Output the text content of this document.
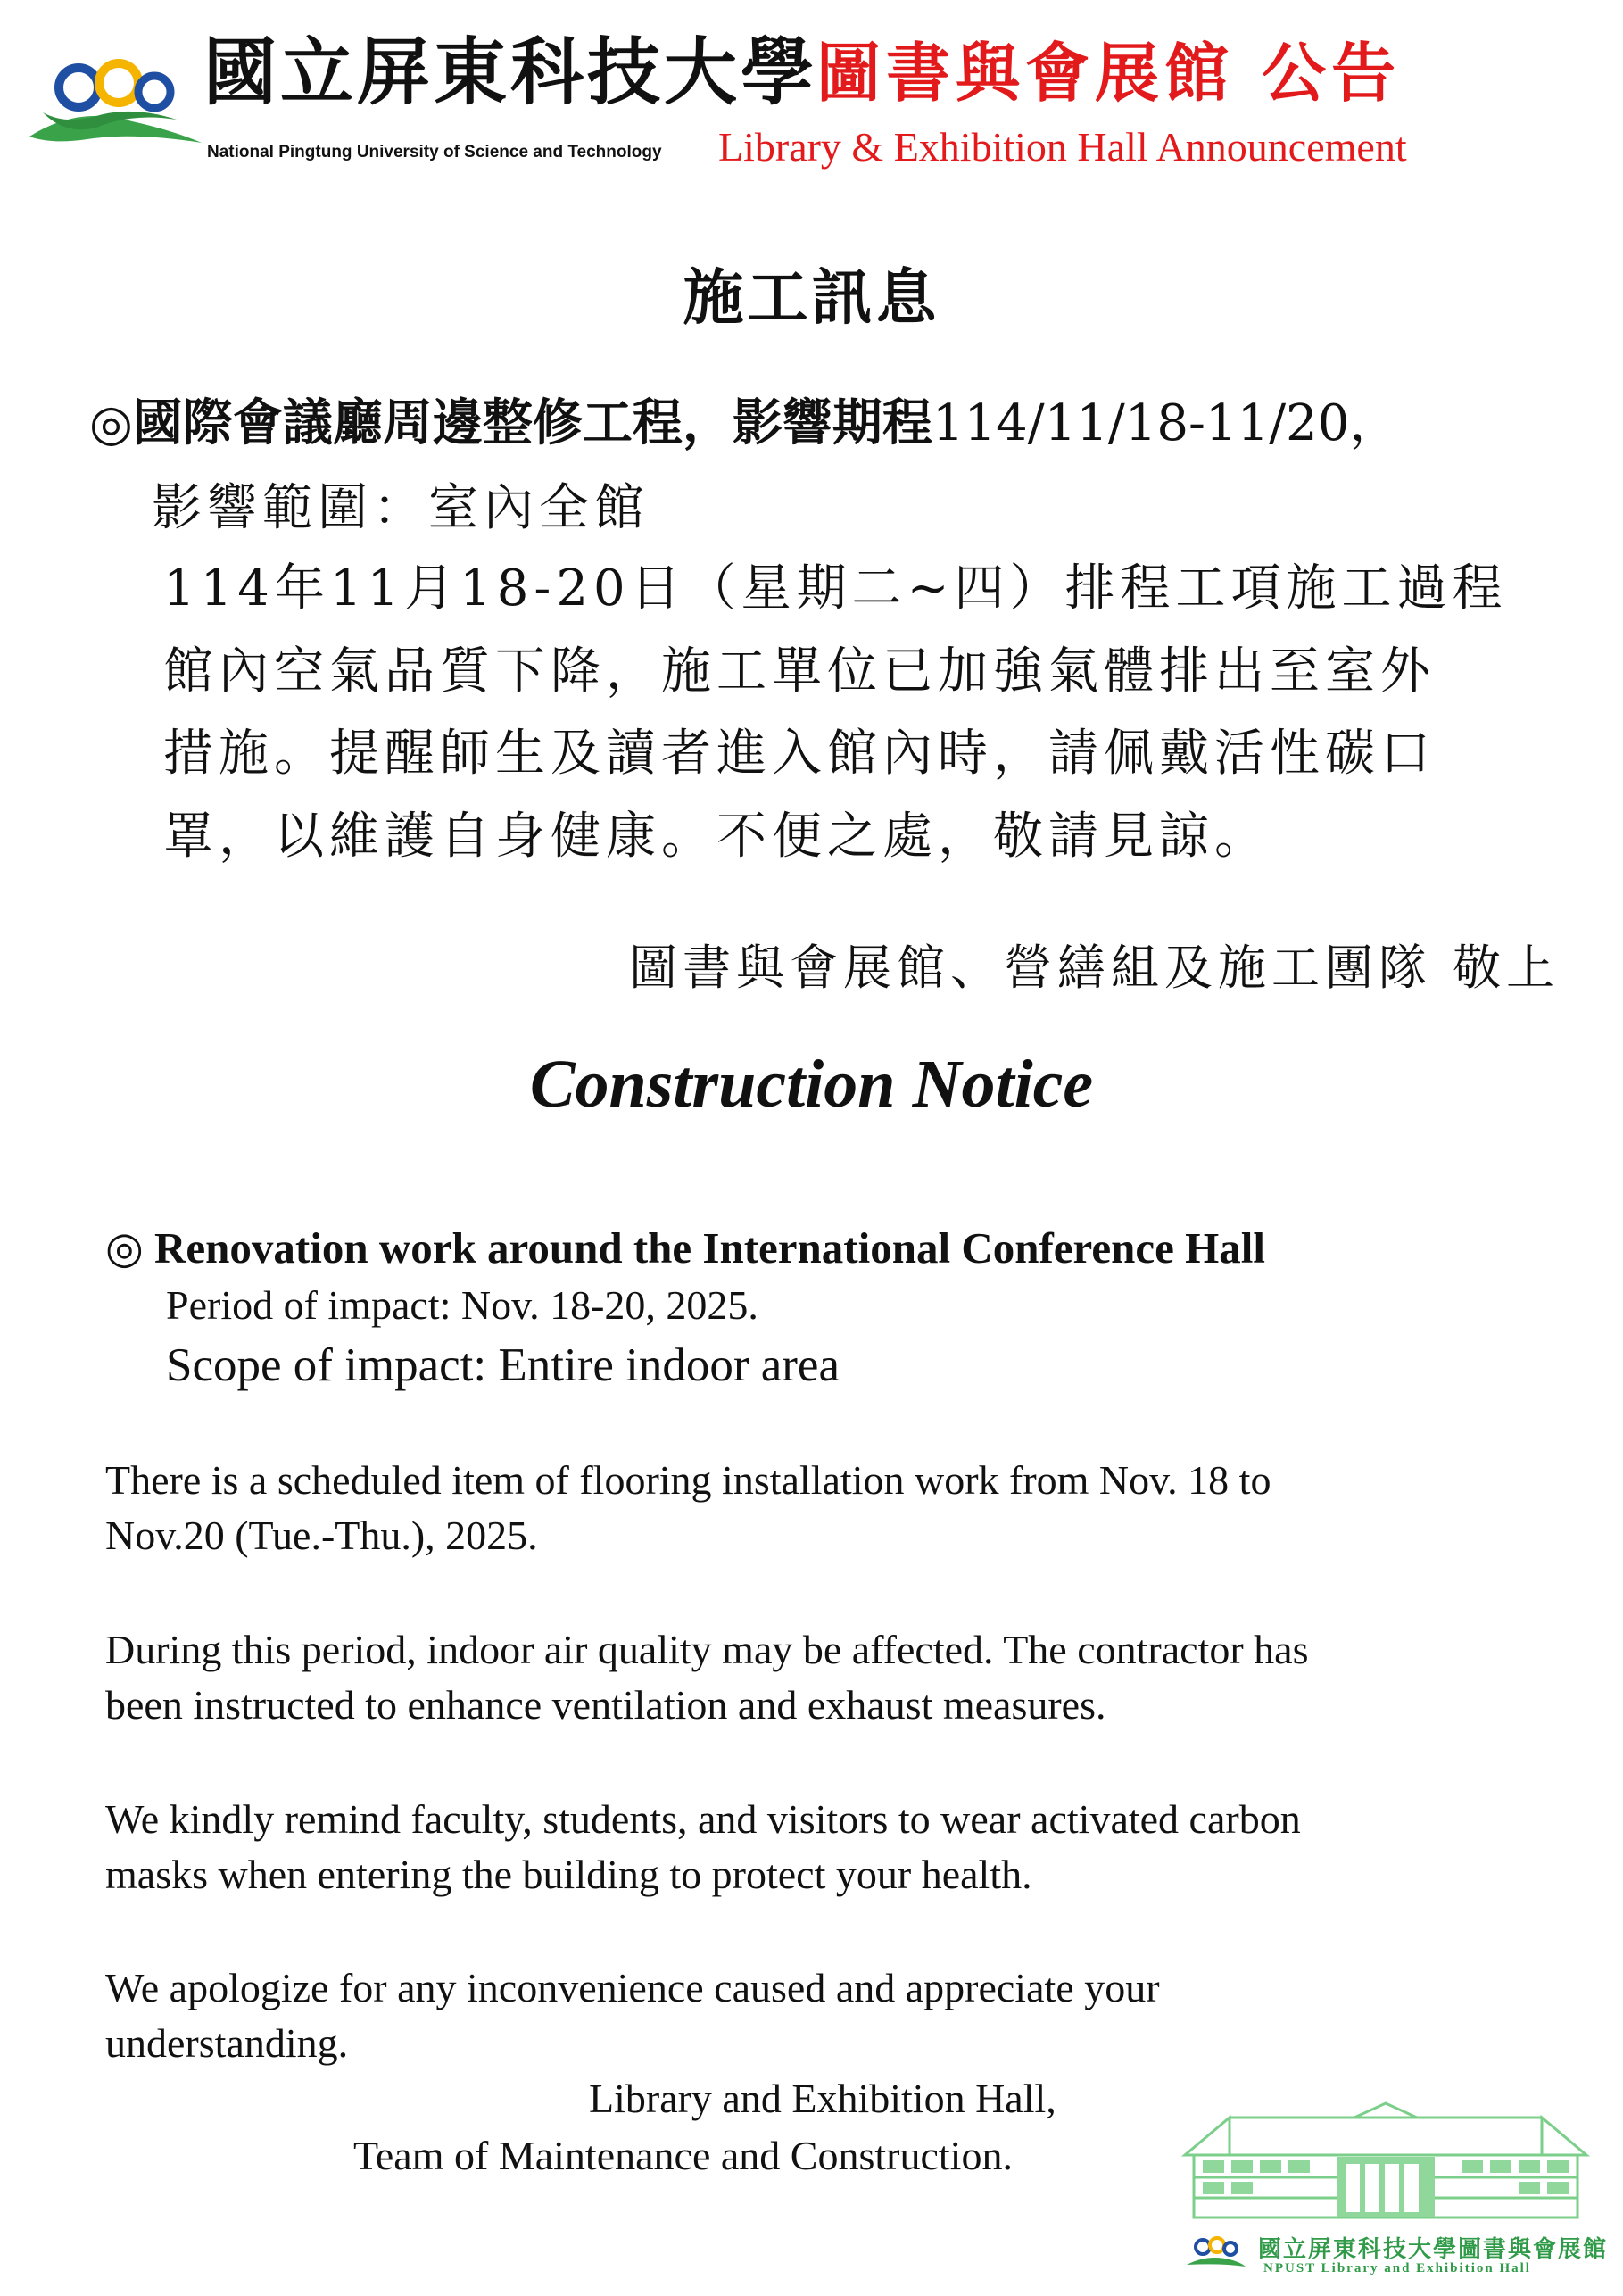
國立屏東科技大學
National Pingtung University of Science and Technology
圖書與會展館 公告
Library & Exhibition Hall Announcement
施工訊息
◎國際會議廳周邊整修工程，影響期程114/11/18-11/20，
影響範圍：室內全館
114年11月18-20日（星期二~四）排程工項施工過程
館內空氣品質下降，施工單位已加強氣體排出至室外
措施。提醒師生及讀者進入館內時，請佩戴活性碳口
罩，以維護自身健康。不便之處，敬請見諒。
圖書與會展館、營繕組及施工團隊 敬上
Construction Notice
◎ Renovation work around the International Conference Hall
Period of impact: Nov. 18-20, 2025.
Scope of impact: Entire indoor area
There is a scheduled item of flooring installation work from Nov. 18 to
Nov.20 (Tue.-Thu.), 2025.
During this period, indoor air quality may be affected. The contractor has
been instructed to enhance ventilation and exhaust measures.
We kindly remind faculty, students, and visitors to wear activated carbon
masks when entering the building to protect your health.
We apologize for any inconvenience caused and appreciate your
understanding.
Library and Exhibition Hall,
Team of Maintenance and Construction.
國立屏東科技大學圖書與會展館
NPUST Library and Exhibition Hall
